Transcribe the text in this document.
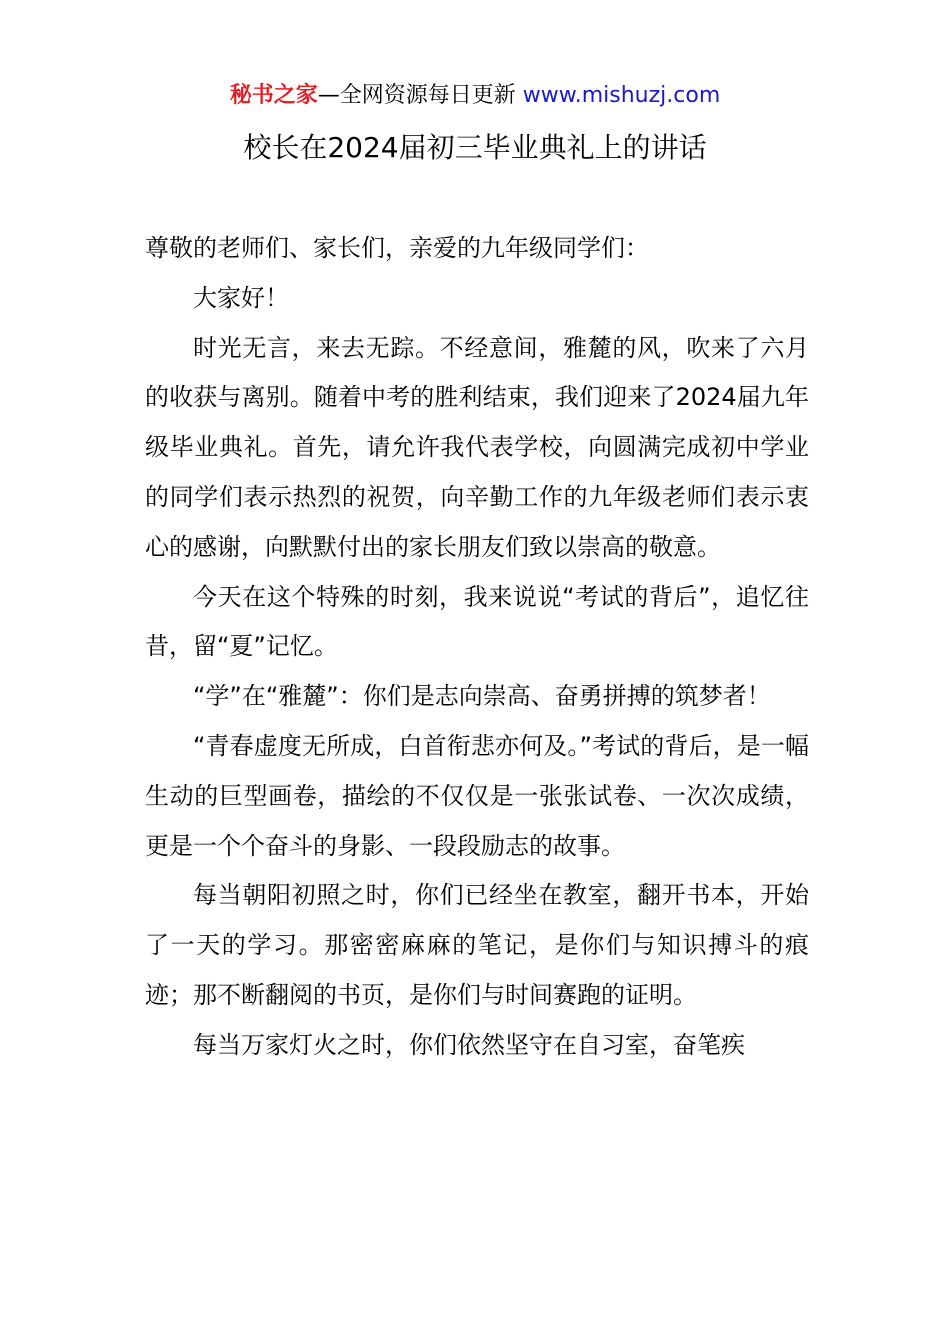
秘书之家—全网资源每日更新 www.mishuzj.com
校长在2024届初三毕业典礼上的讲话

尊敬的老师们、家长们，亲爱的九年级同学们：

大家好！

时光无言，来去无踪。不经意间，雅麓的风，吹来了六月的收获与离别。随着中考的胜利结束，我们迎来了2024届九年级毕业典礼。首先，请允许我代表学校，向圆满完成初中学业的同学们表示热烈的祝贺，向辛勤工作的九年级老师们表示衷心的感谢，向默默付出的家长朋友们致以崇高的敬意。

今天在这个特殊的时刻，我来说说“考试的背后”，追忆往昔，留“夏”记忆。

“学”在“雅麓”：你们是志向崇高、奋勇拼搏的筑梦者！

“青春虚度无所成，白首衔悲亦何及。”考试的背后，是一幅生动的巨型画卷，描绘的不仅仅是一张张试卷、一次次成绩，更是一个个奋斗的身影、一段段励志的故事。

每当朝阳初照之时，你们已经坐在教室，翻开书本，开始了一天的学习。那密密麻麻的笔记，是你们与知识搏斗的痕迹；那不断翻阅的书页，是你们与时间赛跑的证明。

每当万家灯火之时，你们依然坚守在自习室，奋笔疾
